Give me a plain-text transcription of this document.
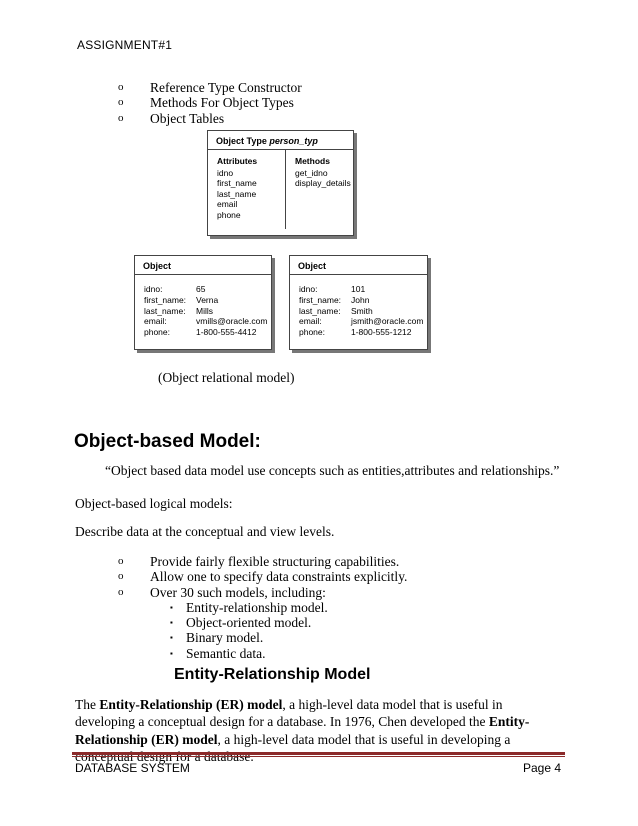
ASSIGNMENT#1
o	Reference Type Constructor
o	Methods For Object Types
o	Object Tables
Object Type person_typ
Attributes
idno
first_name
last_name
email
phone
Methods
get_idno
display_details
Object
idno:	65
first_name:	Verna
last_name:	Mills
email:	vmills@oracle.com
phone:	1-800-555-4412
Object
idno:	101
first_name:	John
last_name:	Smith
email:	jsmith@oracle.com
phone:	1-800-555-1212
(Object relational model)
Object-based Model:
“Object based data model use concepts such as entities,attributes and relationships.”
Object-based logical models:
Describe data at the conceptual and view levels.
o	Provide fairly flexible structuring capabilities.
o	Allow one to specify data constraints explicitly.
o	Over 30 such models, including:
▪ Entity-relationship model.
▪ Object-oriented model.
▪ Binary model.
▪ Semantic data.
Entity-Relationship Model
The Entity-Relationship (ER) model, a high-level data model that is useful in developing a conceptual design for a database. In 1976, Chen developed the Entity-Relationship (ER) model, a high-level data model that is useful in developing a
DATABASE SYSTEM	Page 4
